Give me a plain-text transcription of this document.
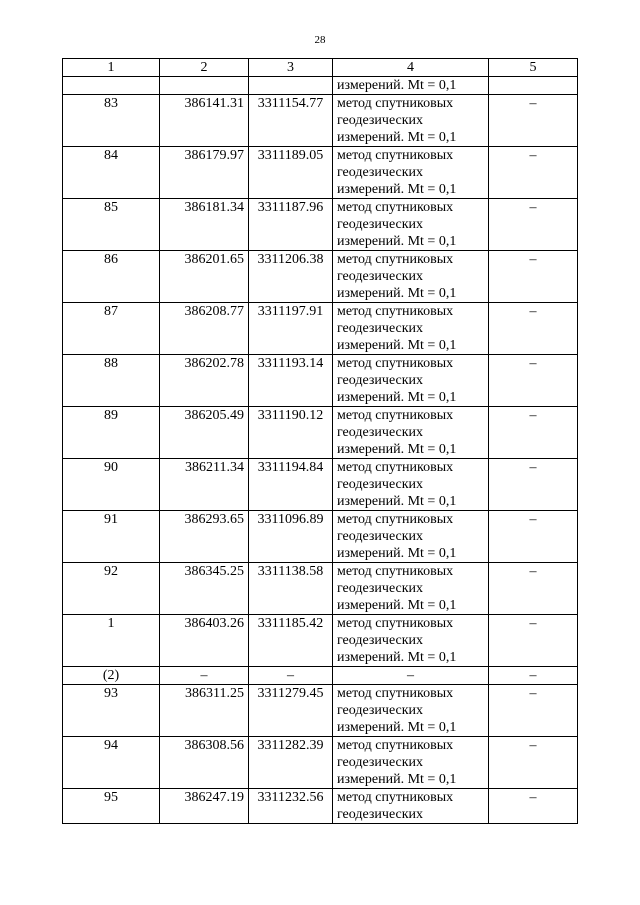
28
1	2	3	4	5

			измерений. Mt = 0,1	

83	386141.31	3311154.77	метод спутниковых
геодезических
измерений. Mt = 0,1	–
84	386179.97	3311189.05	метод спутниковых
геодезических
измерений. Mt = 0,1	–
85	386181.34	3311187.96	метод спутниковых
геодезических
измерений. Mt = 0,1	–
86	386201.65	3311206.38	метод спутниковых
геодезических
измерений. Mt = 0,1	–
87	386208.77	3311197.91	метод спутниковых
геодезических
измерений. Mt = 0,1	–
88	386202.78	3311193.14	метод спутниковых
геодезических
измерений. Mt = 0,1	–
89	386205.49	3311190.12	метод спутниковых
геодезических
измерений. Mt = 0,1	–
90	386211.34	3311194.84	метод спутниковых
геодезических
измерений. Mt = 0,1	–
91	386293.65	3311096.89	метод спутниковых
геодезических
измерений. Mt = 0,1	–
92	386345.25	3311138.58	метод спутниковых
геодезических
измерений. Mt = 0,1	–
1	386403.26	3311185.42	метод спутниковых
геодезических
измерений. Mt = 0,1	–
(2)	–	–	–	–
93	386311.25	3311279.45	метод спутниковых
геодезических
измерений. Mt = 0,1	–
94	386308.56	3311282.39	метод спутниковых
геодезических
измерений. Mt = 0,1	–
95	386247.19	3311232.56	метод спутниковых
геодезических	–
